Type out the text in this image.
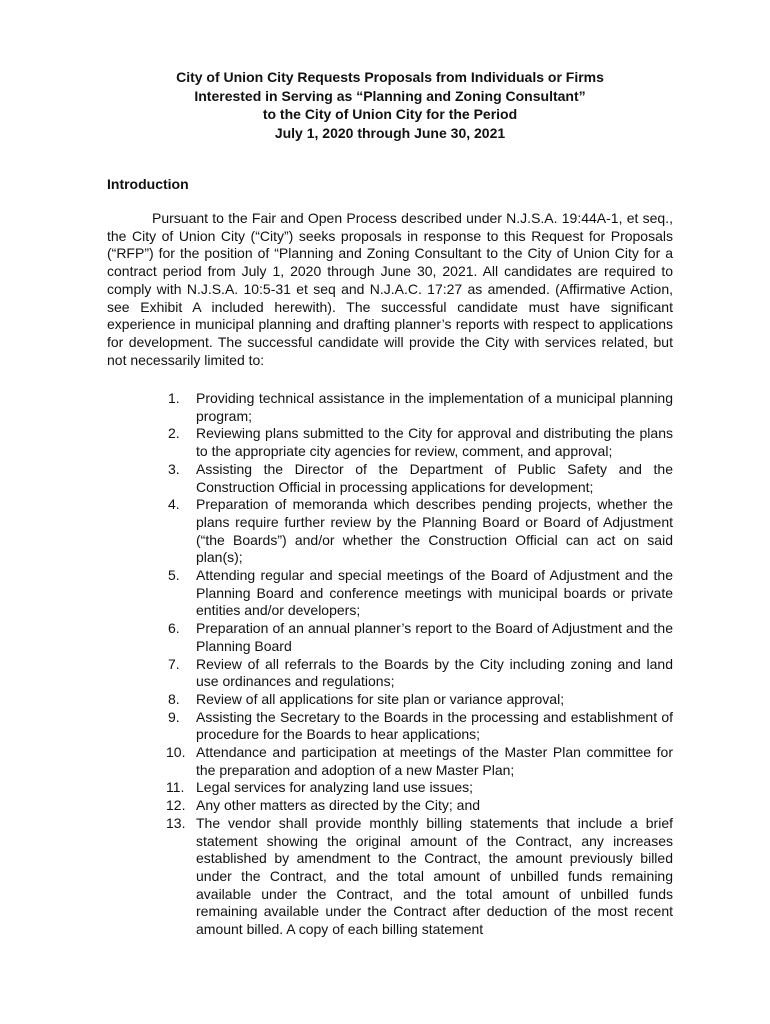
City of Union City Requests Proposals from Individuals or Firms
Interested in Serving as “Planning and Zoning Consultant”
to the City of Union City for the Period
July 1, 2020 through June 30, 2021
Introduction

Pursuant to the Fair and Open Process described under N.J.S.A. 19:44A-1, et seq., the City of Union City (“City”) seeks proposals in response to this Request for Proposals (“RFP”) for the position of “Planning and Zoning Consultant to the City of Union City for a contract period from July 1, 2020 through June 30, 2021. All candidates are required to comply with N.J.S.A. 10:5-31 et seq and N.J.A.C. 17:27 as amended. (Affirmative Action, see Exhibit A included herewith). The successful candidate must have significant experience in municipal planning and drafting planner’s reports with respect to applications for development. The successful candidate will provide the City with services related, but not necessarily limited to:

1. Providing technical assistance in the implementation of a municipal planning program;
2. Reviewing plans submitted to the City for approval and distributing the plans to the appropriate city agencies for review, comment, and approval;
3. Assisting the Director of the Department of Public Safety and the Construction Official in processing applications for development;
4. Preparation of memoranda which describes pending projects, whether the plans require further review by the Planning Board or Board of Adjustment (“the Boards”) and/or whether the Construction Official can act on said plan(s);
5. Attending regular and special meetings of the Board of Adjustment and the Planning Board and conference meetings with municipal boards or private entities and/or developers;
6. Preparation of an annual planner’s report to the Board of Adjustment and the Planning Board
7. Review of all referrals to the Boards by the City including zoning and land use ordinances and regulations;
8. Review of all applications for site plan or variance approval;
9. Assisting the Secretary to the Boards in the processing and establishment of procedure for the Boards to hear applications;
10. Attendance and participation at meetings of the Master Plan committee for the preparation and adoption of a new Master Plan;
11. Legal services for analyzing land use issues;
12. Any other matters as directed by the City; and
13. The vendor shall provide monthly billing statements that include a brief statement showing the original amount of the Contract, any increases established by amendment to the Contract, the amount previously billed under the Contract, and the total amount of unbilled funds remaining available under the Contract, and the total amount of unbilled funds remaining available under the Contract after deduction of the most recent amount billed. A copy of each billing statement
